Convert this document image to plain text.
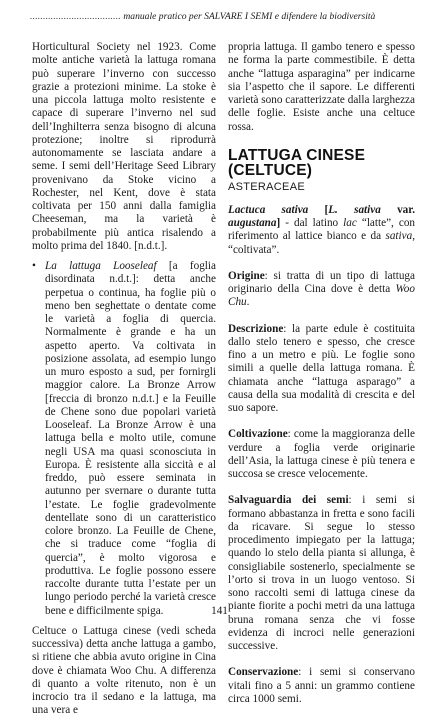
................................... manuale pratico per SALVARE I SEMI e difendere la biodiversità

Horticultural Society nel 1923. Come molte antiche varietà la lattuga romana può superare l’inverno con successo grazie a protezioni minime. La stoke è una piccola lattuga molto resistente e capace di superare l’inverno nel sud dell’Inghilterra senza bisogno di alcuna protezione; inoltre si riprodurrà autonomamente se lasciata andare a seme. I semi dell’Heritage Seed Library provenivano da Stoke vicino a Rochester, nel Kent, dove è stata coltivata per 150 anni dalla famiglia Cheeseman, ma la varietà è probabilmente più antica risalendo a molto prima del 1840. [n.d.t.].

• La lattuga Looseleaf [a foglia disordinata n.d.t.]: detta anche perpetua o continua, ha foglie più o meno ben seghettate o dentate come le varietà a foglia di quercia. Normalmente è grande e ha un aspetto aperto. Va coltivata in posizione assolata, ad esempio lungo un muro esposto a sud, per fornirgli maggior calore. La Bronze Arrow [freccia di bronzo n.d.t.] e la Feuille de Chene sono due popolari varietà Looseleaf. La Bronze Arrow è una lattuga bella e molto utile, comune negli USA ma quasi sconosciuta in Europa. È resistente alla siccità e al freddo, può essere seminata in autunno per svernare o durante tutta l’estate. Le foglie gradevolmente dentellate sono di un caratteristico colore bronzo. La Feuille de Chene, che si traduce come “foglia di quercia”, è molto vigorosa e produttiva. Le foglie possono essere raccolte durante tutta l’estate per un lungo periodo perché la varietà cresce bene e difficilmente spiga.

Celtuce o Lattuga cinese (vedi scheda successiva) detta anche lattuga a gambo, si ritiene che abbia avuto origine in Cina dove è chiamata Woo Chu. A differenza di quanto a volte ritenuto, non è un incrocio tra il sedano e la lattuga, ma una vera e

propria lattuga. Il gambo tenero e spesso ne forma la parte commestibile. È detta anche “lattuga asparagina” per indicarne sia l’aspetto che il sapore. Le differenti varietà sono caratterizzate dalla larghezza delle foglie. Esiste anche una celtuce rossa.

LATTUGA CINESE
(CELTUCE)
ASTERACEAE

Lactuca sativa [L. sativa var. augustana] - dal latino lac “latte”, con riferimento al lattice bianco e da sativa, “coltivata”.

Origine: si tratta di un tipo di lattuga originario della Cina dove è detta Woo Chu.

Descrizione: la parte edule è costituita dallo stelo tenero e spesso, che cresce fino a un metro e più. Le foglie sono simili a quelle della lattuga romana. È chiamata anche “lattuga asparago” a causa della sua modalità di crescita e del suo sapore.

Coltivazione: come la maggioranza delle verdure a foglia verde originarie dell’Asia, la lattuga cinese è più tenera e succosa se cresce velocemente.

Salvaguardia dei semi: i semi si formano abbastanza in fretta e sono facili da ricavare. Si segue lo stesso procedimento impiegato per la lattuga; quando lo stelo della pianta si allunga, è consigliabile sostenerlo, specialmente se l’orto si trova in un luogo ventoso. Si sono raccolti semi di lattuga cinese da piante fiorite a pochi metri da una lattuga bruna romana senza che vi fosse evidenza di incroci nelle generazioni successive.

Conservazione: i semi si conservano vitali fino a 5 anni: un grammo contiene circa 1000 semi.

141
